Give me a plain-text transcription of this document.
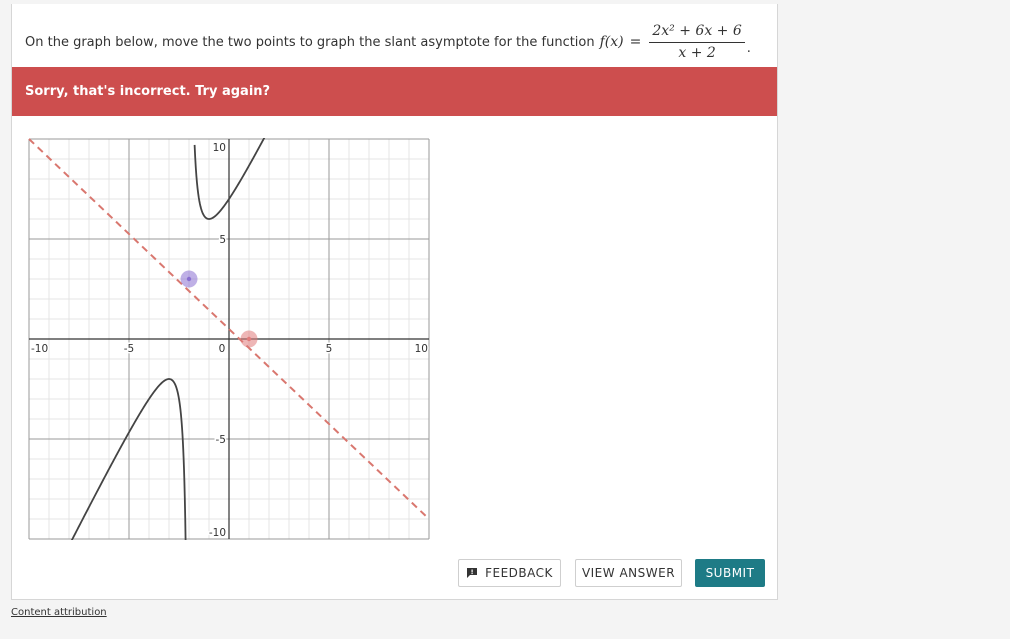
On the graph below, move the two points to graph the slant asymptote for the function $f(x) = \frac{\text{2x² + 6x + 6}}{x + 2}$ .
Sorry, that's incorrect. Try again?
-10	-5	0	5	10
10
5
-5
-10
FEEDBACK VIEW ANSWER	SUBMIT
Content attribution
